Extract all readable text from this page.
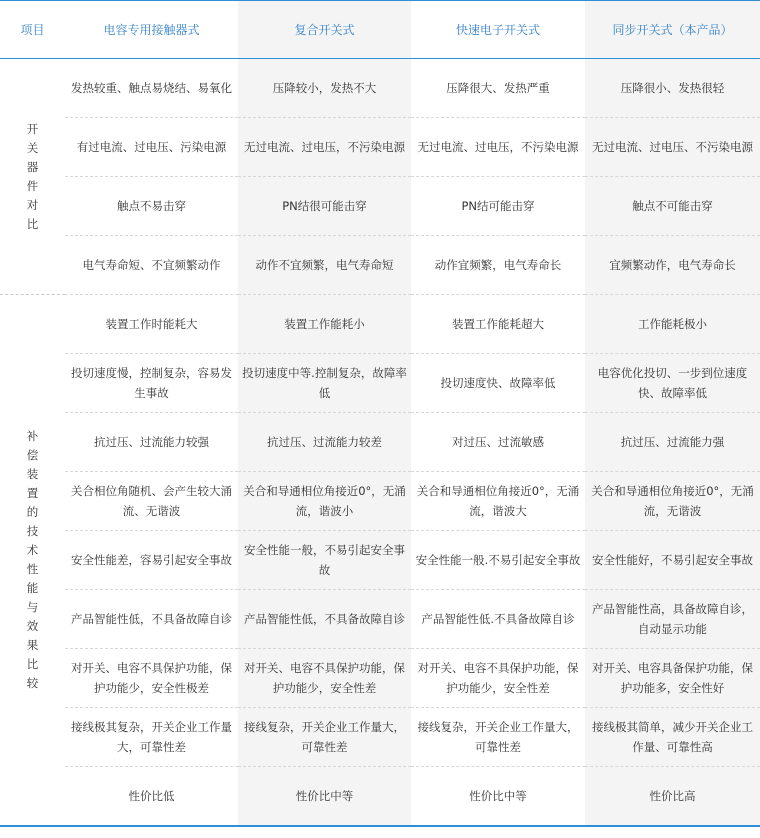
项目	电容专用接触器式	复合开关式	快速电子开关式	同步开关式（本产品）
开关器件对比	发热较重、触点易烧结、易氧化	压降较小，发热不大	压降很大、发热严重	压降很小、发热很轻
	有过电流、过电压、污染电源	无过电流、过电压，不污染电源	无过电流、过电压，不污染电源	无过电流、过电压、不污染电源
	触点不易击穿	PN结很可能击穿	PN结可能击穿	触点不可能击穿
	电气寿命短、不宜频繁动作	动作不宜频繁，电气寿命短	动作宜频繁，电气寿命长	宜频繁动作，电气寿命长
补偿装置的技术性能与效果比较	装置工作时能耗大	装置工作能耗小	装置工作能耗超大	工作能耗极小
	投切速度慢，控制复杂，容易发生事故	投切速度中等.控制复杂，故障率低	投切速度快、故障率低	电容优化投切、一步到位速度快、故障率低
	抗过压、过流能力较强	抗过压、过流能力较差	对过压、过流敏感	抗过压、过流能力强
	关合相位角随机、会产生较大涌流、无谐波	关合和导通相位角接近0°，无涌 流，谐波小	关合和导通相位角接近0°，无涌 流，谐波大	关合和导通相位角接近0°，无涌 流，无谐波
	安全性能差，容易引起安全事故	安全性能一般，不易引起安全事故	安全性能一般.不易引起安全事故	安全性能好，不易引起安全事故
	产品智能性低，不具备故障自诊	产品智能性低，不具备故障自诊	产品智能性低.不具备故障自诊	产品智能性高，具备故障自诊，自动显示功能
	对开关、电容不具保护功能，保护功能少，安全性极差	对开关、电容不具保护功能，保护功能少，安全性差	对开关、电容不具保护功能，保护功能少，安全性差	对开关、电容具备保护功能，保护功能多，安全性好
	接线极其复杂，开关企业工作量大，可靠性差	接线复杂，开关企业工作量大，可靠性差	接线复杂，开关企业工作量大，可靠性差	接线极其简单，减少开关企业工作量、可靠性高
	性价比低	性价比中等	性价比中等	性价比高
